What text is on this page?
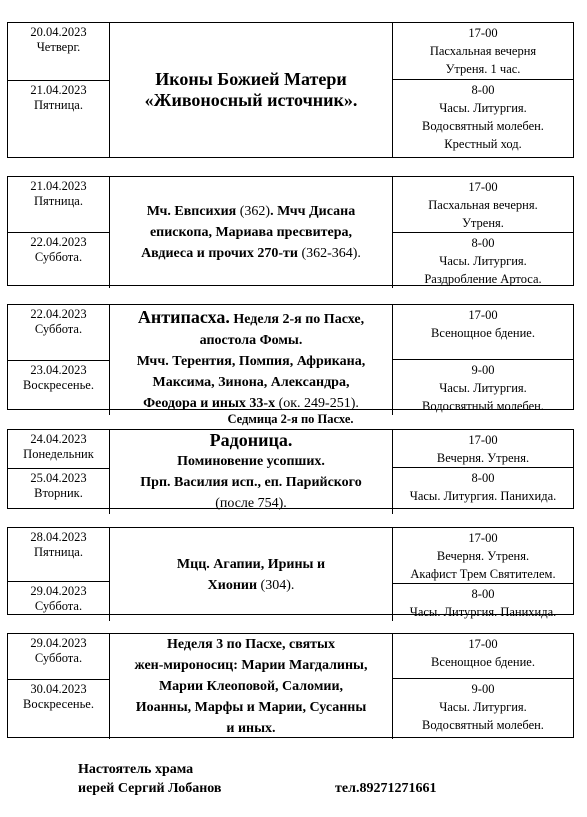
20.04.2023
Четверг.
21.04.2023
Пятница.
Иконы Божией Матери
«Живоносный источник».
17-00
Пасхальная вечерня
Утреня. 1 час.
8-00
Часы. Литургия.
Водосвятный молебен.
Крестный ход.
21.04.2023
Пятница.
22.04.2023
Суббота.
Мч. Евпсихия (362). Мчч Дисана
епископа, Мариава пресвитера,
Авдиеса и прочих 270-ти (362-364).
17-00
Пасхальная вечерня.
Утреня.
8-00
Часы. Литургия.
Раздробление Артоса.
22.04.2023
Суббота.
23.04.2023
Воскресенье.
Антипасха. Неделя 2-я по Пасхе,
апостола Фомы.
Мчч. Терентия, Помпия, Африкана,
Максима, Зинона, Александра,
Феодора и иных 33-х (ок. 249-251).
17-00
Всенощное бдение.
9-00
Часы. Литургия.
Водосвятный молебен.
24.04.2023
Понедельник
25.04.2023
Вторник.
Радоница.
Поминовение усопших.
Прп. Василия исп., еп. Парийского
(после 754).
17-00
Вечерня. Утреня.
8-00
Часы. Литургия. Панихида.
28.04.2023
Пятница.
29.04.2023
Суббота.
Мцц. Агапии, Ирины и
Хионии (304).
17-00
Вечерня. Утреня.
Акафист Трем Святителем.
8-00
Часы. Литургия. Панихида.
29.04.2023
Суббота.
30.04.2023
Воскресенье.
Неделя 3 по Пасхе, святых
жен-мироносиц: Марии Магдалины,
Марии Клеоповой, Саломии,
Иоанны, Марфы и Марии, Сусанны
и иных.
17-00
Всенощное бдение.
9-00
Часы. Литургия.
Водосвятный молебен.
Седмица 2-я по Пасхе.
Настоятель храма
иерей Сергий Лобанов	тел.89271271661
